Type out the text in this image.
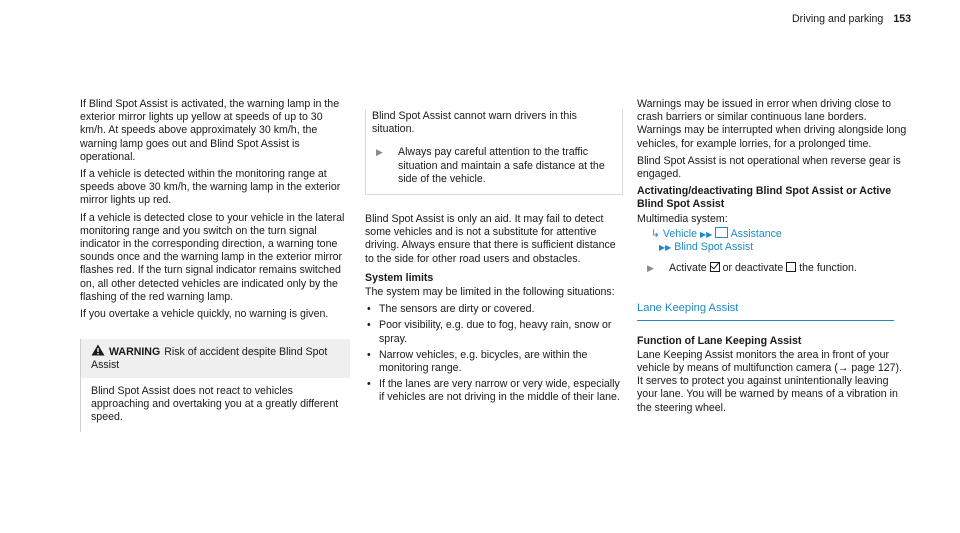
Driving and parking 153

If Blind Spot Assist is activated, the warning lamp in the exterior mirror lights up yellow at speeds of up to 30 km/h. At speeds above approximately 30 km/h, the warning lamp goes out and Blind Spot Assist is operational.

If a vehicle is detected within the monitoring range at speeds above 30 km/h, the warning lamp in the exterior mirror lights up red.

If a vehicle is detected close to your vehicle in the lateral monitoring range and you switch on the turn signal indicator in the corresponding direction, a warning tone sounds once and the warning lamp in the exterior mirror flashes red. If the turn signal indicator remains switched on, all other detected vehicles are indicated only by the flashing of the red warning lamp.

If you overtake a vehicle quickly, no warning is given.

WARNING Risk of accident despite Blind Spot Assist
Blind Spot Assist does not react to vehicles approaching and overtaking you at a greatly different speed.

Blind Spot Assist cannot warn drivers in this situation.

▶	Always pay careful attention to the traffic situation and maintain a safe distance at the side of the vehicle.

Blind Spot Assist is only an aid. It may fail to detect some vehicles and is not a substitute for attentive driving. Always ensure that there is sufficient distance to the side for other road users and obstacles.

System limits

The system may be limited in the following situations:

• The sensors are dirty or covered.
• Poor visibility, e.g. due to fog, heavy rain, snow or spray.
• Narrow vehicles, e.g. bicycles, are within the monitoring range.
• If the lanes are very narrow or very wide, especially if vehicles are not driving in the middle of their lane.

Warnings may be issued in error when driving close to crash barriers or similar continuous lane borders. Warnings may be interrupted when driving alongside long vehicles, for example lorries, for a prolonged time.

Blind Spot Assist is not operational when reverse gear is engaged.

Activating/deactivating Blind Spot Assist or Active Blind Spot Assist

Multimedia system:

↳ Vehicle ▶▶ Assistance
▶▶ Blind Spot Assist
▶	Activate or deactivate the function.
Lane Keeping Assist

Function of Lane Keeping Assist

Lane Keeping Assist monitors the area in front of your vehicle by means of multifunction camera (→ page 127). It serves to protect you against unintentionally leaving your lane. You will be warned by means of a vibration in the steering wheel.
